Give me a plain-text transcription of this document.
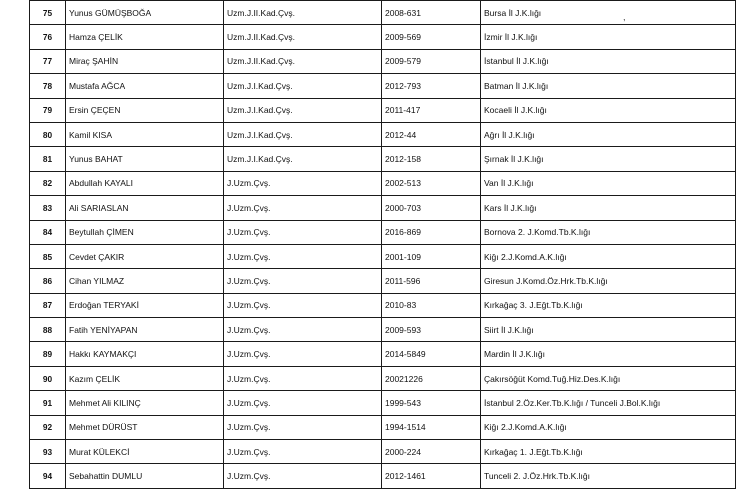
75	Yunus GÜMÜŞBOĞA	Uzm.J.II.Kad.Çvş.	2008-631	Bursa İl J.K.lığı
76	Hamza ÇELİK	Uzm.J.II.Kad.Çvş.	2009-569	İzmir İl J.K.lığı
77	Miraç ŞAHİN	Uzm.J.II.Kad.Çvş.	2009-579	İstanbul İl J.K.lığı
78	Mustafa AĞCA	Uzm.J.I.Kad.Çvş.	2012-793	Batman İl J.K.lığı
79	Ersin ÇEÇEN	Uzm.J.I.Kad.Çvş.	2011-417	Kocaeli İl J.K.lığı
80	Kamil KISA	Uzm.J.I.Kad.Çvş.	2012-44	Ağrı İl J.K.lığı
81	Yunus BAHAT	Uzm.J.I.Kad.Çvş.	2012-158	Şırnak İl J.K.lığı
82	Abdullah KAYALI	J.Uzm.Çvş.	2002-513	Van İl J.K.lığı
83	Ali SARIASLAN	J.Uzm.Çvş.	2000-703	Kars İl J.K.lığı
84	Beytullah ÇİMEN	J.Uzm.Çvş.	2016-869	Bornova 2. J.Komd.Tb.K.lığı
85	Cevdet ÇAKIR	J.Uzm.Çvş.	2001-109	Kiğı 2.J.Komd.A.K.lığı
86	Cihan YILMAZ	J.Uzm.Çvş.	2011-596	Giresun J.Komd.Öz.Hrk.Tb.K.lığı
87	Erdoğan TERYAKİ	J.Uzm.Çvş.	2010-83	Kırkağaç 3. J.Eğt.Tb.K.lığı
88	Fatih YENİYAPAN	J.Uzm.Çvş.	2009-593	Siirt İl J.K.lığı
89	Hakkı KAYMAKÇI	J.Uzm.Çvş.	2014-5849	Mardin İl J.K.lığı
90	Kazım ÇELİK	J.Uzm.Çvş.	20021226	Çakırsöğüt Komd.Tuğ.Hiz.Des.K.lığı
91	Mehmet Ali KILINÇ	J.Uzm.Çvş.	1999-543	İstanbul 2.Öz.Ker.Tb.K.lığı / Tunceli J.Bol.K.lığı
92	Mehmet DÜRÜST	J.Uzm.Çvş.	1994-1514	Kiğı 2.J.Komd.A.K.lığı
93	Murat KÜLEKCİ	J.Uzm.Çvş.	2000-224	Kırkağaç 1. J.Eğt.Tb.K.lığı
94	Sebahattin DUMLU	J.Uzm.Çvş.	2012-1461	Tunceli 2. J.Öz.Hrk.Tb.K.lığı
,
